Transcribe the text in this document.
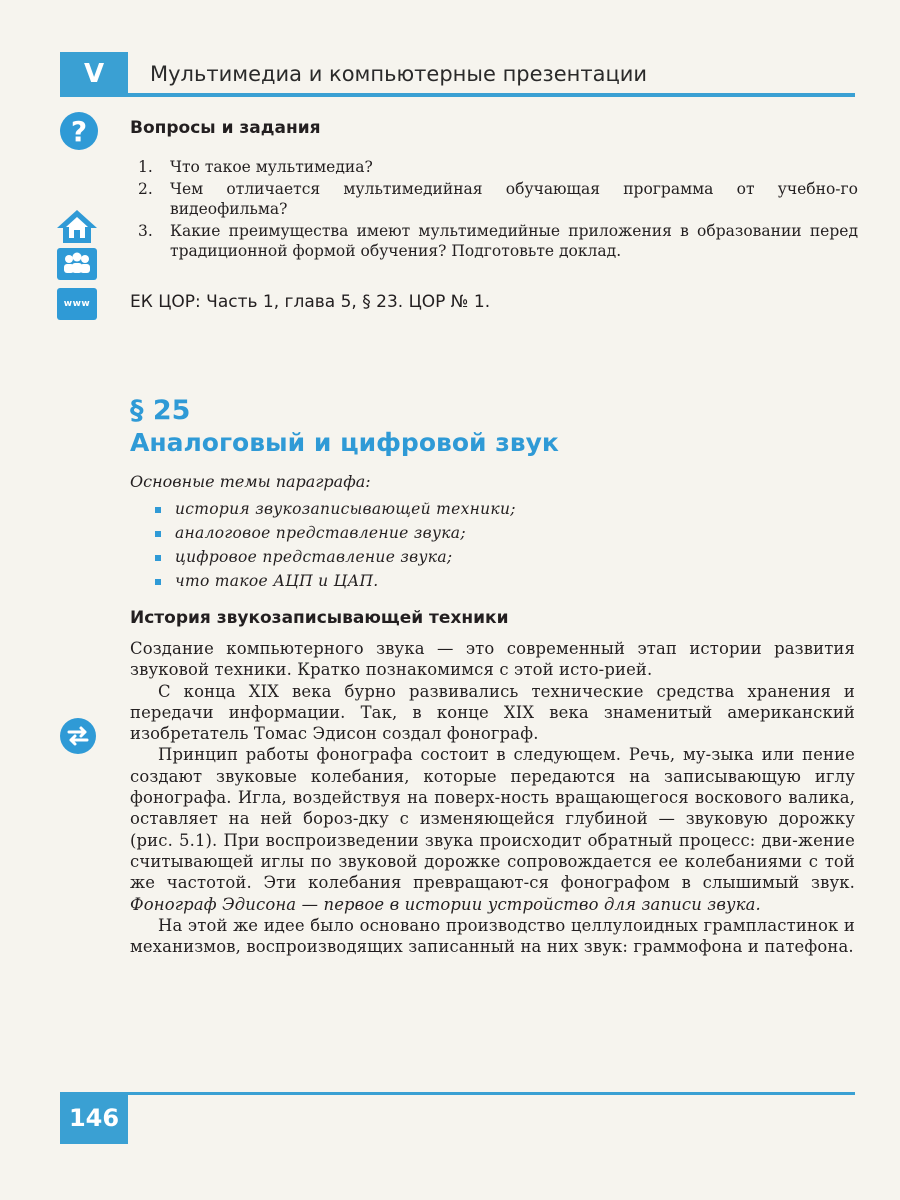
V	Мультимедиа и компьютерные презентации
?
www
Вопросы и задания
1.	Что такое мультимедиа?
2.	Чем отличается мультимедийная обучающая программа от учебно-го видеофильма?
3.	Какие преимущества имеют мультимедийные приложения в образовании перед традиционной формой обучения? Подготовьте доклад.
ЕК ЦОР: Часть 1, глава 5, § 23. ЦОР № 1.
§ 25
Аналоговый и цифровой звук
Основные темы параграфа:
история звукозаписывающей техники;
аналоговое представление звука;
цифровое представление звука;
что такое АЦП и ЦАП.
История звукозаписывающей техники

Создание компьютерного звука — это современный этап истории развития звуковой техники. Кратко познакомимся с этой исто-рией.

С конца XIX века бурно развивались технические средства хранения и передачи информации. Так, в конце XIX века знаменитый американский изобретатель Томас Эдисон создал фонограф.

Принцип работы фонографа состоит в следующем. Речь, му-зыка или пение создают звуковые колебания, которые передаются на записывающую иглу фонографа. Игла, воздействуя на поверх-ность вращающегося воскового валика, оставляет на ней бороз-дку с изменяющейся глубиной — звуковую дорожку (рис. 5.1). При воспроизведении звука происходит обратный процесс: дви-жение считывающей иглы по звуковой дорожке сопровождается ее колебаниями с той же частотой. Эти колебания превращают-ся фонографом в слышимый звук. Фонограф Эдисона — первое в истории устройство для записи звука.

На этой же идее было основано производство целлулоидных грампластинок и механизмов, воспроизводящих записанный на них звук: граммофона и патефона.

146
